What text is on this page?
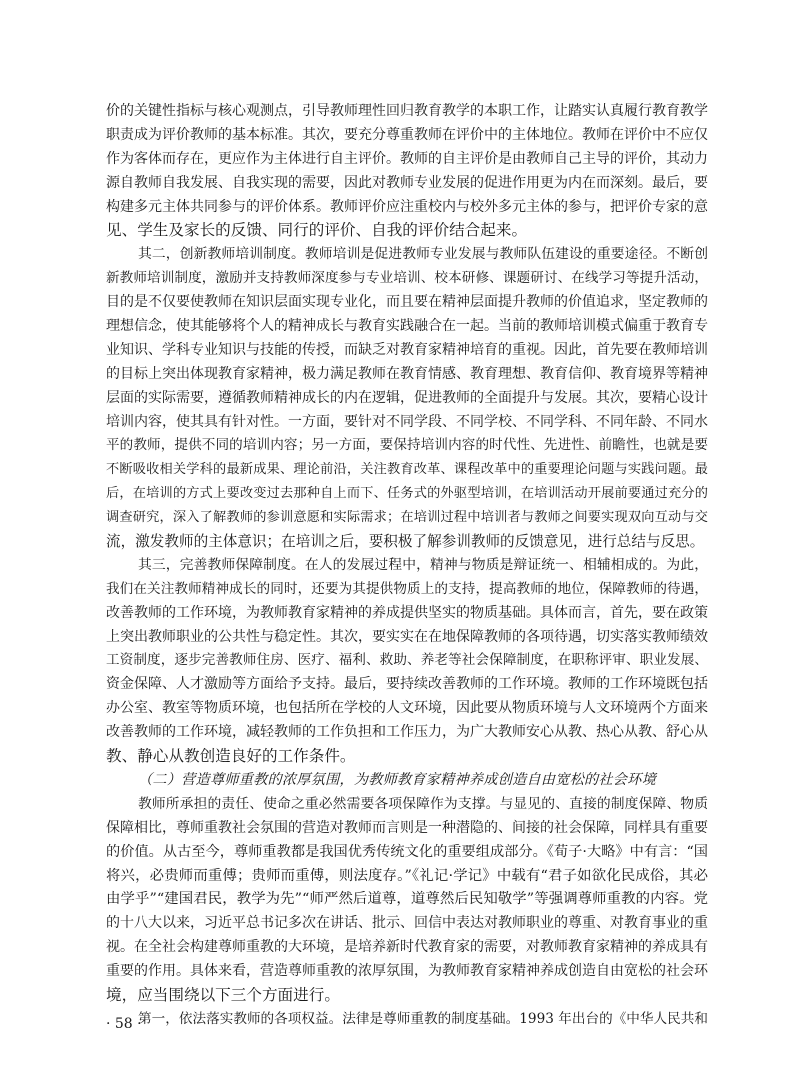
价的关键性指标与核心观测点，引导教师理性回归教育教学的本职工作，让踏实认真履行教育教学
职责成为评价教师的基本标准。其次，要充分尊重教师在评价中的主体地位。教师在评价中不应仅
作为客体而存在，更应作为主体进行自主评价。教师的自主评价是由教师自己主导的评价，其动力
源自教师自我发展、自我实现的需要，因此对教师专业发展的促进作用更为内在而深刻。最后，要
构建多元主体共同参与的评价体系。教师评价应注重校内与校外多元主体的参与，把评价专家的意
见、学生及家长的反馈、同行的评价、自我的评价结合起来。
其二，创新教师培训制度。教师培训是促进教师专业发展与教师队伍建设的重要途径。不断创
新教师培训制度，激励并支持教师深度参与专业培训、校本研修、课题研讨、在线学习等提升活动，
目的是不仅要使教师在知识层面实现专业化，而且要在精神层面提升教师的价值追求，坚定教师的
理想信念，使其能够将个人的精神成长与教育实践融合在一起。当前的教师培训模式偏重于教育专
业知识、学科专业知识与技能的传授，而缺乏对教育家精神培育的重视。因此，首先要在教师培训
的目标上突出体现教育家精神，极力满足教师在教育情感、教育理想、教育信仰、教育境界等精神
层面的实际需要，遵循教师精神成长的内在逻辑，促进教师的全面提升与发展。其次，要精心设计
培训内容，使其具有针对性。一方面，要针对不同学段、不同学校、不同学科、不同年龄、不同水
平的教师，提供不同的培训内容；另一方面，要保持培训内容的时代性、先进性、前瞻性，也就是要
不断吸收相关学科的最新成果、理论前沿，关注教育改革、课程改革中的重要理论问题与实践问题。最
后，在培训的方式上要改变过去那种自上而下、任务式的外驱型培训，在培训活动开展前要通过充分的
调查研究，深入了解教师的参训意愿和实际需求；在培训过程中培训者与教师之间要实现双向互动与交
流，激发教师的主体意识；在培训之后，要积极了解参训教师的反馈意见，进行总结与反思。
其三，完善教师保障制度。在人的发展过程中，精神与物质是辩证统一、相辅相成的。为此，
我们在关注教师精神成长的同时，还要为其提供物质上的支持，提高教师的地位，保障教师的待遇，
改善教师的工作环境，为教师教育家精神的养成提供坚实的物质基础。具体而言，首先，要在政策
上突出教师职业的公共性与稳定性。其次，要实实在在地保障教师的各项待遇，切实落实教师绩效
工资制度，逐步完善教师住房、医疗、福利、救助、养老等社会保障制度，在职称评审、职业发展、
资金保障、人才激励等方面给予支持。最后，要持续改善教师的工作环境。教师的工作环境既包括
办公室、教室等物质环境，也包括所在学校的人文环境，因此要从物质环境与人文环境两个方面来
改善教师的工作环境，减轻教师的工作负担和工作压力，为广大教师安心从教、热心从教、舒心从
教、静心从教创造良好的工作条件。
（二）营造尊师重教的浓厚氛围，为教师教育家精神养成创造自由宽松的社会环境
教师所承担的责任、使命之重必然需要各项保障作为支撑。与显见的、直接的制度保障、物质
保障相比，尊师重教社会氛围的营造对教师而言则是一种潜隐的、间接的社会保障，同样具有重要
的价值。从古至今，尊师重教都是我国优秀传统文化的重要组成部分。《荀子·大略》中有言：“国
将兴，必贵师而重傅；贵师而重傅，则法度存。”《礼记·学记》中载有“君子如欲化民成俗，其必
由学乎”“建国君民，教学为先”“师严然后道尊，道尊然后民知敬学”等强调尊师重教的内容。党
的十八大以来，习近平总书记多次在讲话、批示、回信中表达对教师职业的尊重、对教育事业的重
视。在全社会构建尊师重教的大环境，是培养新时代教育家的需要，对教师教育家精神的养成具有
重要的作用。具体来看，营造尊师重教的浓厚氛围，为教师教育家精神养成创造自由宽松的社会环
境，应当围绕以下三个方面进行。
第一，依法落实教师的各项权益。法律是尊师重教的制度基础。1993 年出台的《中华人民共和
· 58 ·
